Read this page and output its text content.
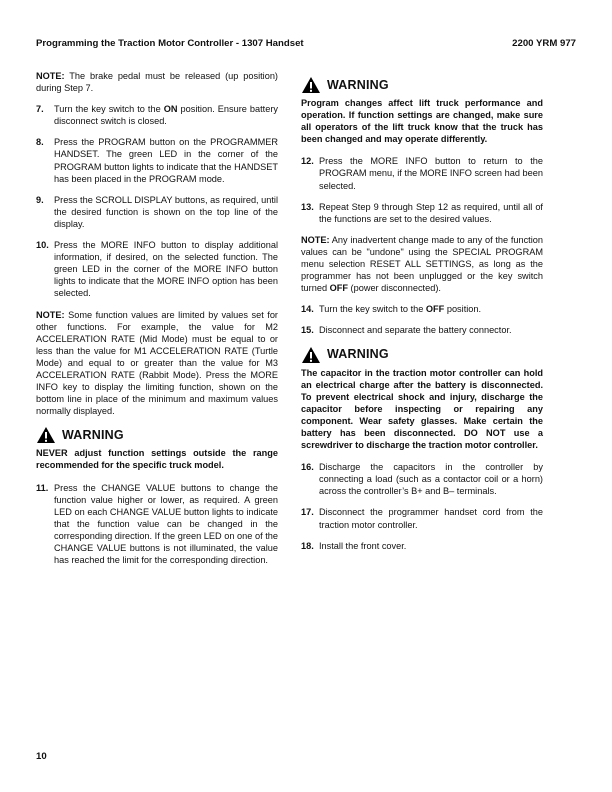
Programming the Traction Motor Controller - 1307 Handset	2200 YRM 977

NOTE: The brake pedal must be released (up position) during Step 7.

7. Turn the key switch to the ON position. Ensure battery disconnect switch is closed.
8. Press the PROGRAM button on the PROGRAMMER HANDSET. The green LED in the corner of the PROGRAM button lights to indicate that the HANDSET has been placed in the PROGRAM mode.
9. Press the SCROLL DISPLAY buttons, as required, until the desired function is shown on the top line of the display.
10. Press the MORE INFO button to display additional information, if desired, on the selected function. The green LED in the corner of the MORE INFO button lights to indicate that the MORE INFO option has been selected.

NOTE: Some function values are limited by values set for other functions. For example, the value for M2 ACCELERATION RATE (Mid Mode) must be equal to or less than the value for M1 ACCELERATION RATE (Turtle Mode) and equal to or greater than the value for M3 ACCELERATION RATE (Rabbit Mode). Press the MORE INFO key to display the limiting function, shown on the bottom line in place of the minimum and maximum values normally displayed.

WARNING
NEVER adjust function settings outside the range recommended for the specific truck model.
11. Press the CHANGE VALUE buttons to change the function value higher or lower, as required. A green LED on each CHANGE VALUE button lights to indicate that the function value can be changed in the corresponding direction. If the green LED on one of the CHANGE VALUE buttons is not illuminated, the value has reached the limit for the corresponding direction.
WARNING
Program changes affect lift truck performance and operation. If function settings are changed, make sure all operators of the lift truck know that the truck has been changed and may operate differently.
12. Press the MORE INFO button to return to the PROGRAM menu, if the MORE INFO screen had been selected.
13. Repeat Step 9 through Step 12 as required, until all of the functions are set to the desired values.

NOTE: Any inadvertent change made to any of the function values can be "undone" using the SPECIAL PROGRAM menu selection RESET ALL SETTINGS, as long as the programmer has not been unplugged or the key switch turned OFF (power disconnected).

14. Turn the key switch to the OFF position.
15. Disconnect and separate the battery connector.
WARNING
The capacitor in the traction motor controller can hold an electrical charge after the battery is disconnected. To prevent electrical shock and injury, discharge the capacitor before inspecting or repairing any component. Wear safety glasses. Make certain the battery has been disconnected. DO NOT use a screwdriver to discharge the traction motor controller.
16. Discharge the capacitors in the controller by connecting a load (such as a contactor coil or a horn) across the controller’s B+ and B– terminals.
17. Disconnect the programmer handset cord from the traction motor controller.
18. Install the front cover.
10
